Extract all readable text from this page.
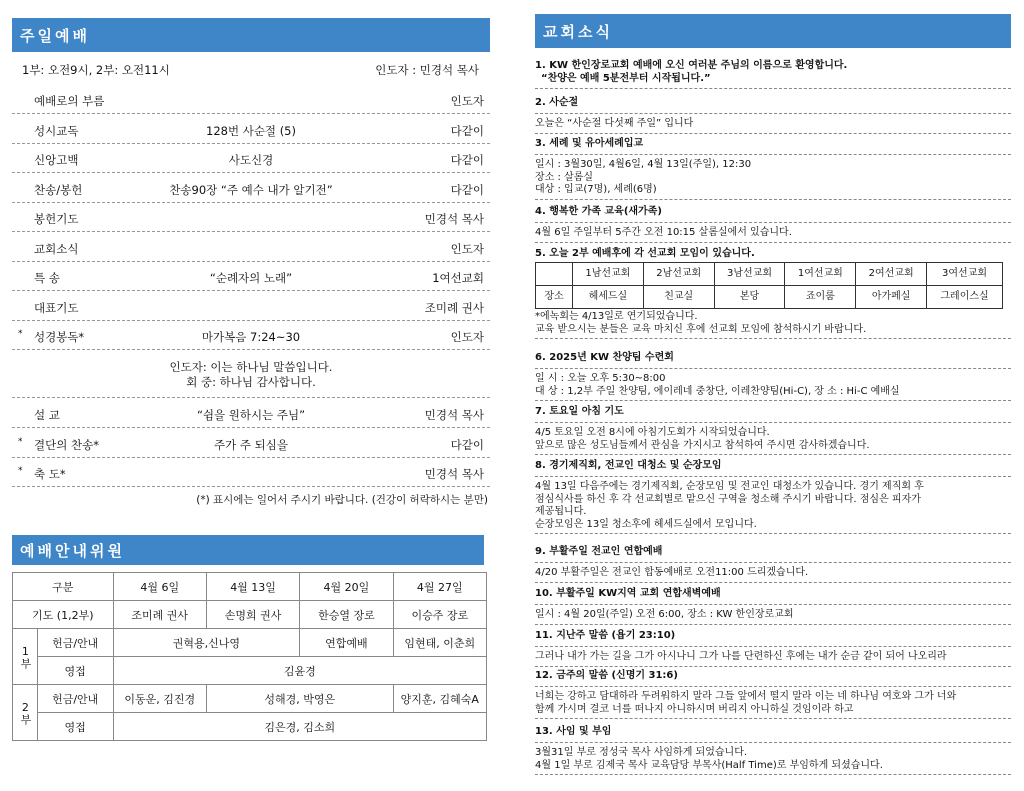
주일예배
1부: 오전9시, 2부: 오전11시	인도자 : 민경석 목사
예배로의 부름	인도자
성시교독	128번 사순절 (5)	다같이
신앙고백	사도신경	다같이
찬송/봉헌	찬송90장 “주 예수 내가 알기전”	다같이
봉헌기도	민경석 목사
교회소식	인도자
특 송	“순례자의 노래”	1여선교회
대표기도	조미례 권사
* 성경봉독*	마가복음 7:24~30	인도자
인도자: 이는 하나님 말씀입니다.
회 중: 하나님 감사합니다.
설 교	“쉼을 원하시는 주님”	민경석 목사
* 결단의 찬송*	주가 주 되심을	다같이
* 축 도*	민경석 목사
(*) 표시에는 일어서 주시기 바랍니다. (건강이 허락하시는 분만)
예배안내위원
구분		4월 6일	4월 13일	4월 20일	4월 27일
기도 (1,2부)		조미례 권사	손명희 권사	한승열 장로	이승주 장로
1부	헌금/안내	권혁용,신나영		연합예배	임현태, 이춘희
	영접	김윤경			
2부	헌금/안내	이동운, 김진경	성해경, 박영은		양지훈, 김혜숙A
	영접	김은경, 김소희			
교회소식
1. KW 한인장로교회 예배에 오신 여러분 주님의 이름으로 환영합니다.
“찬양은 예배 5분전부터 시작됩니다.”
2. 사순절
오늘은 “사순절 다섯째 주일” 입니다
3. 세례 및 유아세례입교
일시 : 3월30일, 4월6일, 4월 13일(주일), 12:30
장소 : 살롬실
대상 : 입교(7명), 세례(6명)
4. 행복한 가족 교육(새가족)
4월 6일 주일부터 5주간 오전 10:15 살롬실에서 있습니다.
5. 오늘 2부 예배후에 각 선교회 모임이 있습니다.
	1남선교회	2남선교회	3남선교회	1여선교회	2여선교회	3여선교회
장소	헤세드실	친교실	본당	죠이룸	아가페실	그레이스실
*에녹회는 4/13일로 연기되었습니다.
교육 받으시는 분들은 교육 마치신 후에 선교회 모임에 참석하시기 바랍니다.
6. 2025년 KW 찬양팀 수련회
일 시 : 오늘 오후 5:30~8:00
대 상 : 1,2부 주일 찬양팀, 에이레네 중창단, 이레찬양팀(Hi-C), 장 소 : Hi-C 예배실
7. 토요일 아침 기도
4/5 토요일 오전 8시에 아침기도회가 시작되었습니다.
앞으로 많은 성도님들께서 관심을 가지시고 참석하여 주시면 감사하겠습니다.
8. 경기제직회, 전교인 대청소 및 순장모임
4월 13일 다음주에는 경기제직회, 순장모임 및 전교인 대청소가 있습니다. 경기 제직회 후
점심식사를 하신 후 각 선교회별로 맡으신 구역을 청소해 주시기 바랍니다. 점심은 피자가
제공됩니다.
순장모임은 13일 청소후에 헤세드실에서 모입니다.
9. 부활주일 전교인 연합예배
4/20 부활주일은 전교인 합동예배로 오전11:00 드리겠습니다.
10. 부활주일 KW지역 교회 연합새벽예배
일시 : 4월 20일(주일) 오전 6:00, 장소 : KW 한인장로교회
11. 지난주 말씀 (욥기 23:10)
그러나 내가 가는 길을 그가 아시나니 그가 나를 단련하신 후에는 내가 순금 같이 되어 나오리라
12. 금주의 말씀 (신명기 31:6)
너희는 강하고 담대하라 두려워하지 말라 그들 앞에서 떨지 말라 이는 네 하나님 여호와 그가 너와
함께 가시며 결코 너를 떠나지 아니하시며 버리지 아니하실 것임이라 하고
13. 사임 및 부임
3월31일 부로 정성국 목사 사임하게 되었습니다.
4월 1일 부로 김제국 목사 교육담당 부목사(Half Time)로 부임하게 되셨습니다.
